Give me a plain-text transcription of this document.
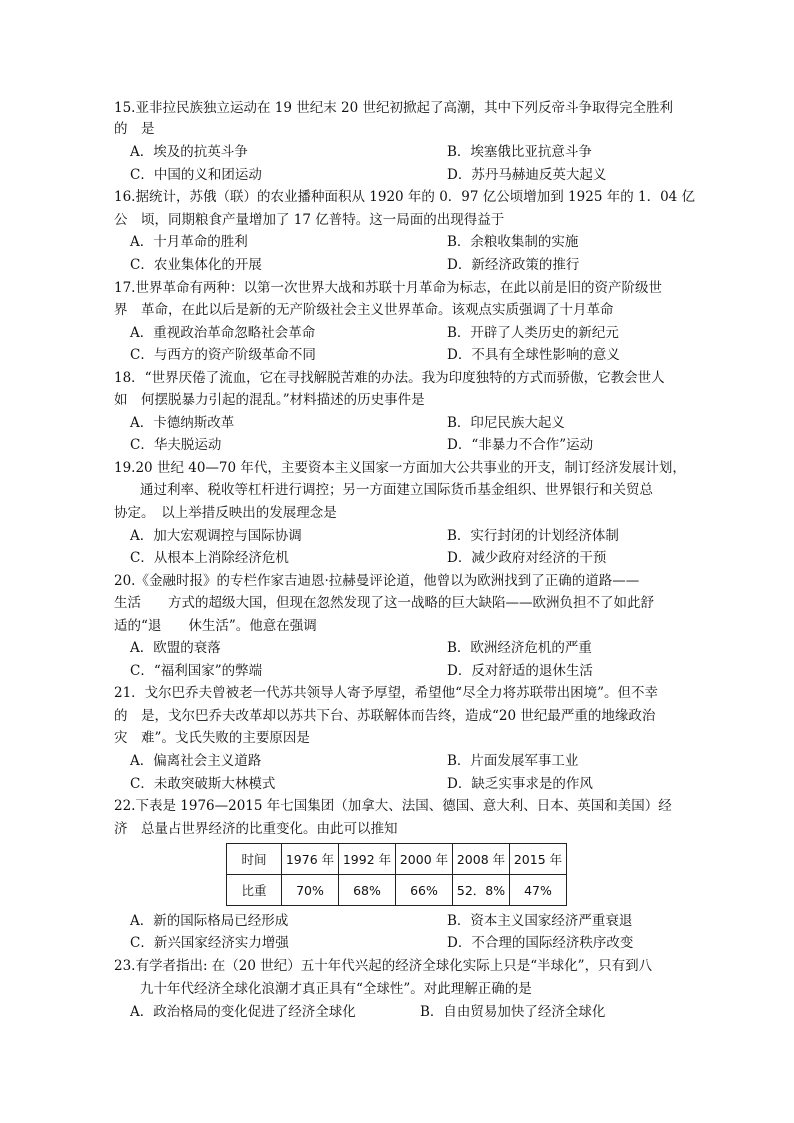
15.亚非拉民族独立运动在 19 世纪末 20 世纪初掀起了高潮，其中下列反帝斗争取得完全胜利
的　是
A．埃及的抗英斗争	B．埃塞俄比亚抗意斗争
C．中国的义和团运动	D．苏丹马赫迪反英大起义
16.据统计，苏俄（联）的农业播种面积从 1920 年的 0．97 亿公顷增加到 1925 年的 1．04 亿
公　顷，同期粮食产量增加了 17 亿普特。这一局面的出现得益于
A．十月革命的胜利	B．余粮收集制的实施
C．农业集体化的开展	D．新经济政策的推行
17.世界革命有两种：以第一次世界大战和苏联十月革命为标志，在此以前是旧的资产阶级世
界　革命，在此以后是新的无产阶级社会主义世界革命。该观点实质强调了十月革命
A．重视政治革命忽略社会革命	B．开辟了人类历史的新纪元
C．与西方的资产阶级革命不同	D．不具有全球性影响的意义
18．“世界厌倦了流血，它在寻找解脱苦难的办法。我为印度独特的方式而骄傲，它教会世人
如　何摆脱暴力引起的混乱。”材料描述的历史事件是
A．卡德纳斯改革	B．印尼民族大起义
C．华夫脱运动	D．“非暴力不合作”运动
19.20 世纪 40—70 年代，主要资本主义国家一方面加大公共事业的开支，制订经济发展计划，
通过利率、税收等杠杆进行调控；另一方面建立国际货币基金组织、世界银行和关贸总
协定。　以上举措反映出的发展理念是
A．加大宏观调控与国际协调	B．实行封闭的计划经济体制
C．从根本上消除经济危机	D．减少政府对经济的干预
20.《金融时报》的专栏作家吉迪恩·拉赫曼评论道，他曾以为欧洲找到了正确的道路——
生活　　方式的超级大国，但现在忽然发现了这一战略的巨大缺陷——欧洲负担不了如此舒
适的“退　　休生活”。他意在强调
A．欧盟的衰落	B．欧洲经济危机的严重
C．“福利国家”的弊端	D．反对舒适的退休生活
21．戈尔巴乔夫曾被老一代苏共领导人寄予厚望，希望他“尽全力将苏联带出困境”。但不幸
的　是，戈尔巴乔夫改革却以苏共下台、苏联解体而告终，造成“20 世纪最严重的地缘政治
灾　难”。戈氏失败的主要原因是
A．偏离社会主义道路	B．片面发展军事工业
C．未敢突破斯大林模式	D．缺乏实事求是的作风
22.下表是 1976—2015 年七国集团（加拿大、法国、德国、意大利、日本、英国和美国）经
济　总量占世界经济的比重变化。由此可以推知
时间	1976 年	1992 年	2000 年	2008 年	2015 年
比重	70%	68%	66%	52．8%	47%
A．新的国际格局已经形成	B．资本主义国家经济严重衰退
C．新兴国家经济实力增强	D．不合理的国际经济秩序改变
23.有学者指出: 在（20 世纪）五十年代兴起的经济全球化实际上只是“半球化”，只有到八
九十年代经济全球化浪潮才真正具有“全球性”。对此理解正确的是
A．政治格局的变化促进了经济全球化	B．自由贸易加快了经济全球化
